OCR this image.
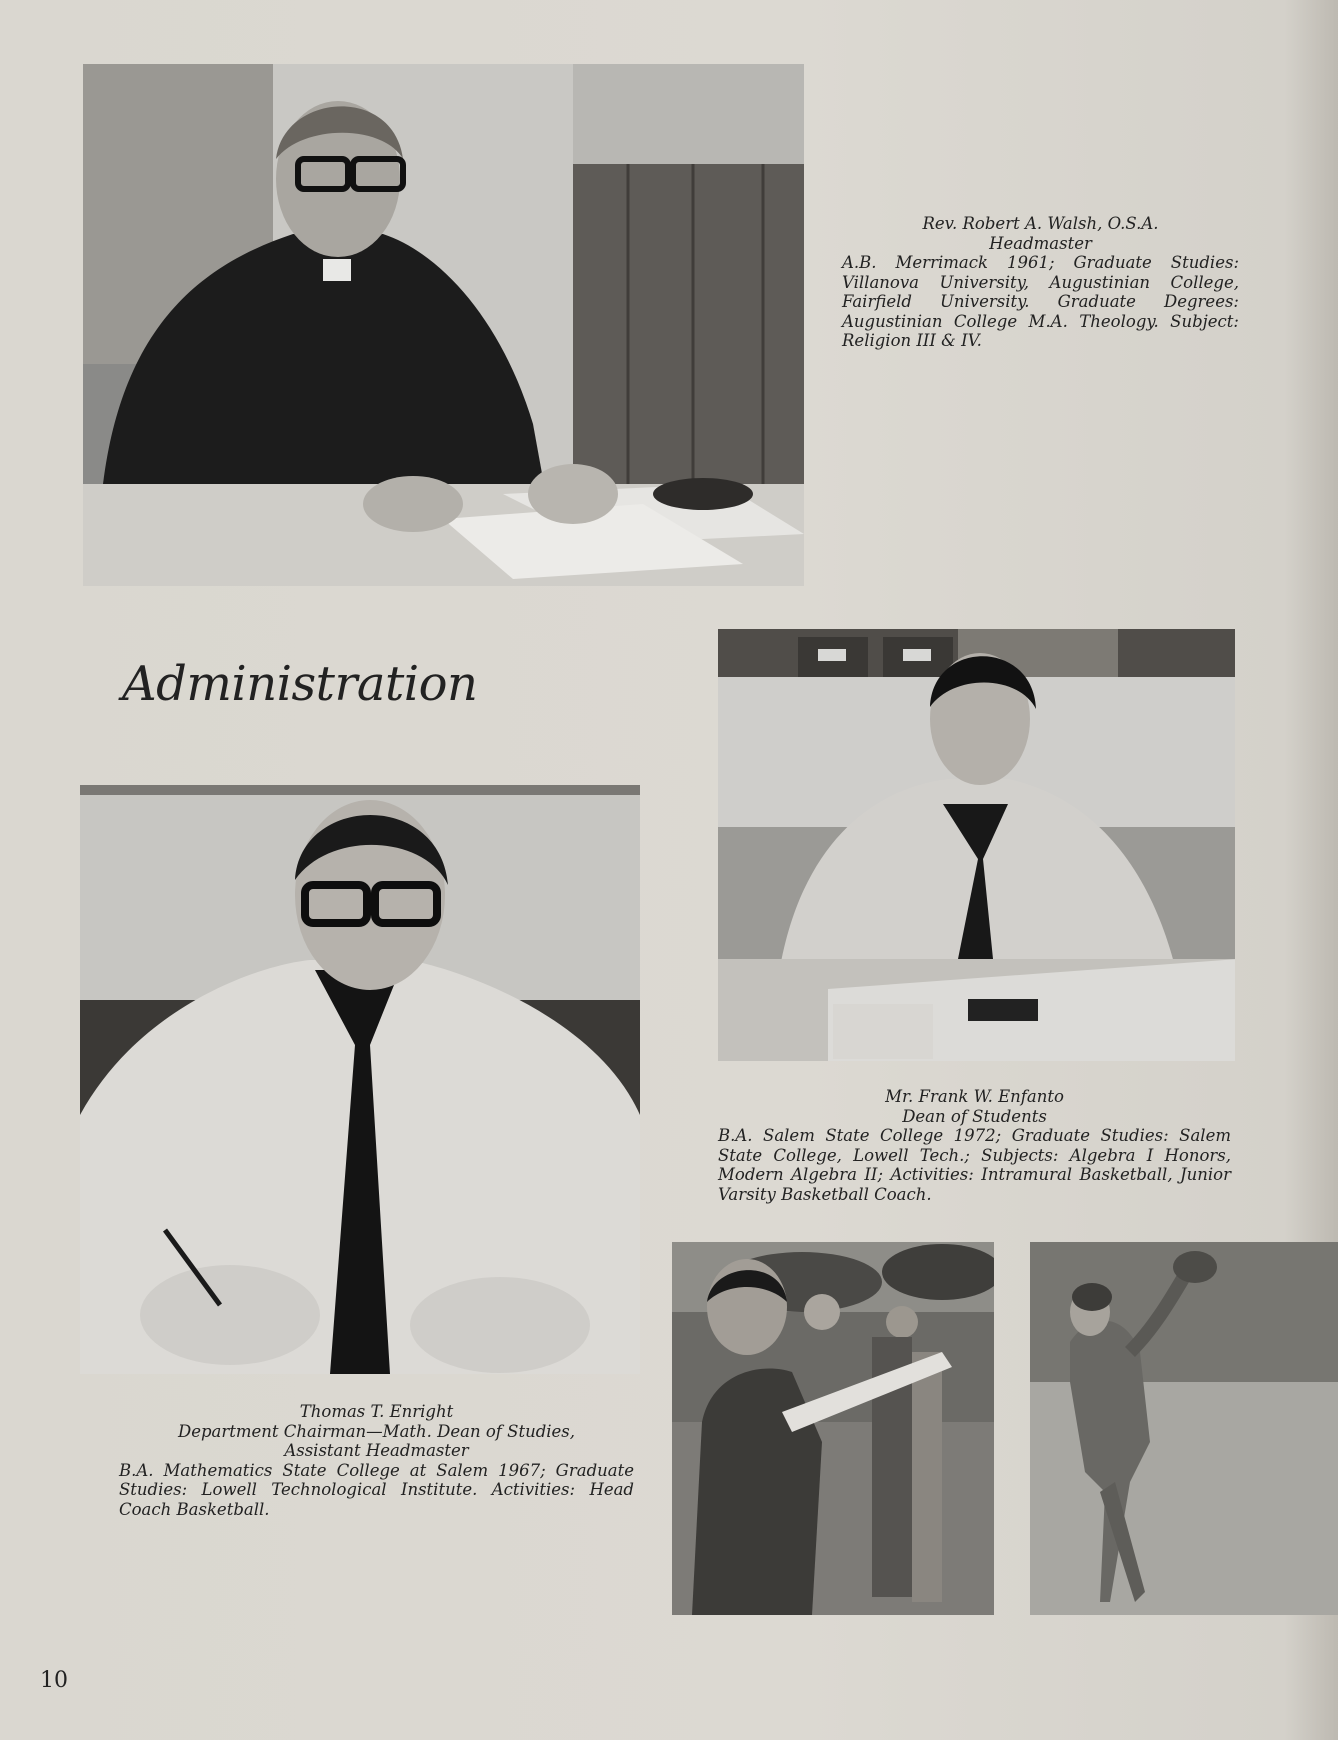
Rev. Robert A. Walsh, O.S.A.
Headmaster
A.B. Merrimack 1961; Graduate Studies: Villanova University, Augustinian College, Fairfield University. Graduate Degrees: Augustinian College M.A. Theology. Subject: Religion III & IV.
Administration
Mr. Frank W. Enfanto
Dean of Students
B.A. Salem State College 1972; Graduate Studies: Salem State College, Lowell Tech.; Subjects: Algebra I Honors, Modern Algebra II; Activities: Intramural Basketball, Junior Varsity Basketball Coach.
Thomas T. Enright
Department Chairman—Math. Dean of Studies,
Assistant Headmaster
B.A. Mathematics State College at Salem 1967; Graduate Studies: Lowell Technological Institute. Activities: Head Coach Basketball.
10
